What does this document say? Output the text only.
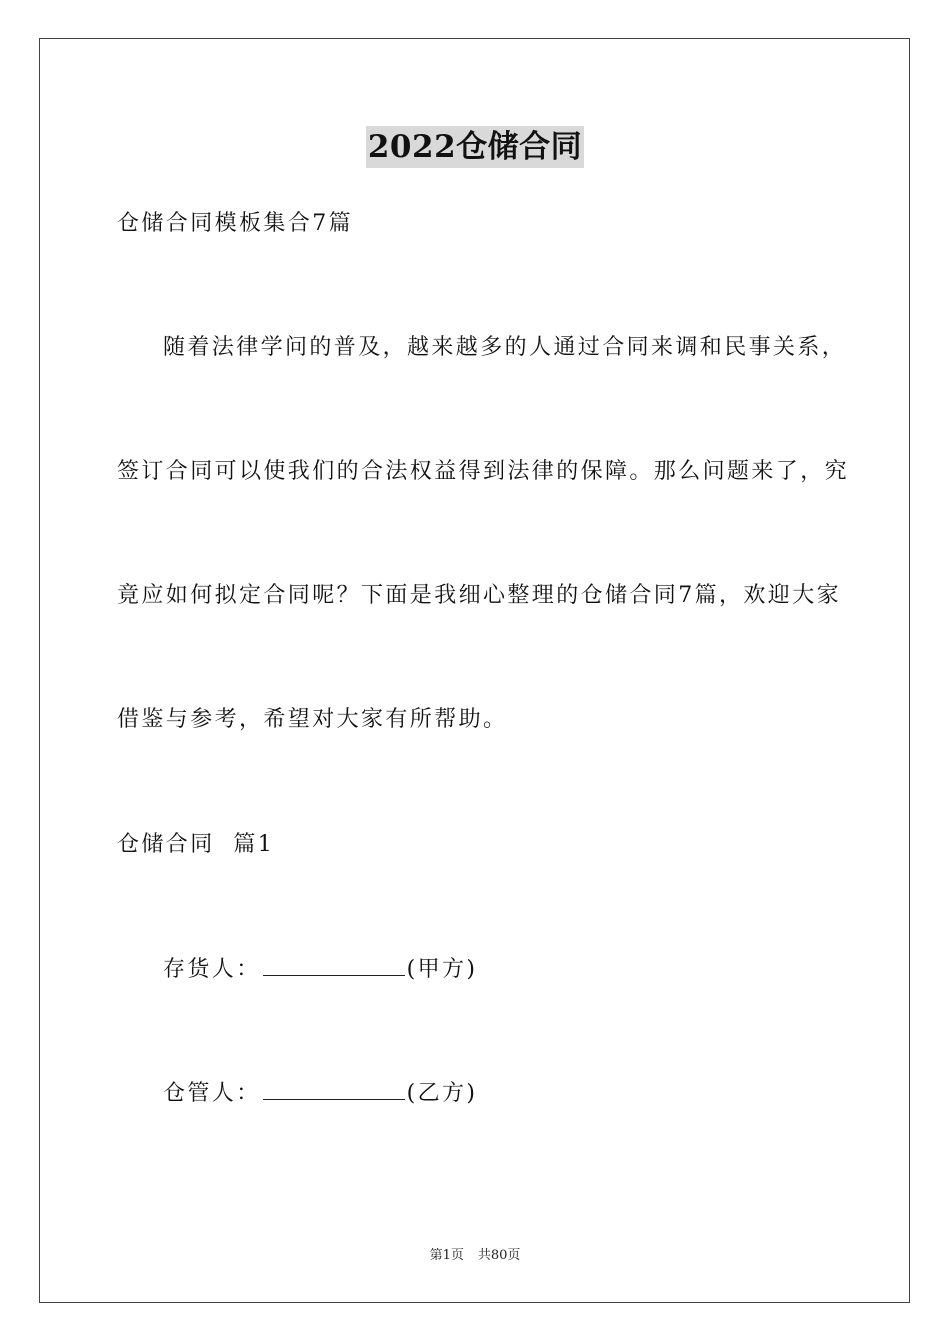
2022仓储合同
仓储合同模板集合7篇
随着法律学问的普及，越来越多的人通过合同来调和民事关系，
签订合同可以使我们的合法权益得到法律的保障。那么问题来了，究
竟应如何拟定合同呢？下面是我细心整理的仓储合同7篇，欢迎大家
借鉴与参考，希望对大家有所帮助。
仓储合同  篇1
存货人：	(甲方)
仓管人：	(乙方)
第1页 共80页
